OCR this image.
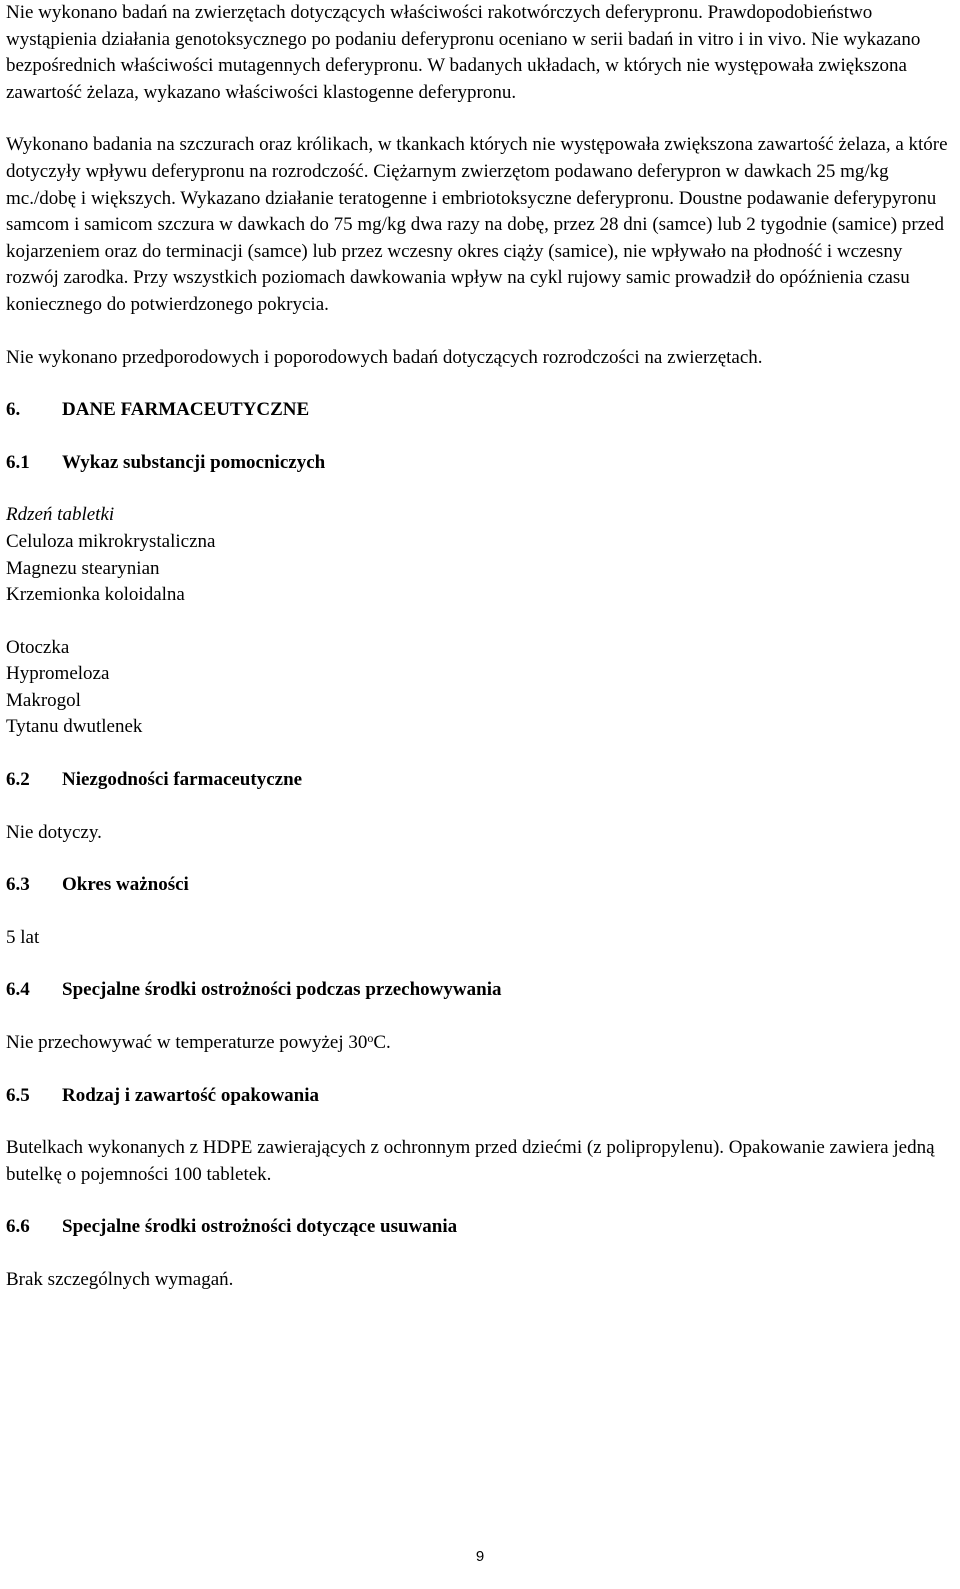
Nie wykonano badań na zwierzętach dotyczących właściwości rakotwórczych deferypronu. Prawdopodobieństwo wystąpienia działania genotoksycznego po podaniu deferypronu oceniano w serii badań in vitro i in vivo. Nie wykazano bezpośrednich właściwości mutagennych deferypronu. W badanych układach, w których nie występowała zwiększona zawartość żelaza, wykazano właściwości klastogenne deferypronu.

Wykonano badania na szczurach oraz królikach, w tkankach których nie występowała zwiększona zawartość żelaza, a które dotyczyły wpływu deferypronu na rozrodczość. Ciężarnym zwierzętom podawano deferypron w dawkach 25 mg/kg mc./dobę i większych. Wykazano działanie teratogenne i embriotoksyczne deferypronu. Doustne podawanie deferypyronu samcom i samicom szczura w dawkach do 75 mg/kg dwa razy na dobę, przez 28 dni (samce) lub 2 tygodnie (samice) przed kojarzeniem oraz do terminacji (samce) lub przez wczesny okres ciąży (samice), nie wpływało na płodność i wczesny rozwój zarodka. Przy wszystkich poziomach dawkowania wpływ na cykl rujowy samic prowadził do opóźnienia czasu koniecznego do potwierdzonego pokrycia.

Nie wykonano przedporodowych i poporodowych badań dotyczących rozrodczości na zwierzętach.

6. DANE FARMACEUTYCZNE
6.1 Wykaz substancji pomocniczych

Rdzeń tabletki

Celuloza mikrokrystaliczna
Magnezu stearynian
Krzemionka koloidalna

Otoczka

Hypromeloza
Makrogol
Tytanu dwutlenek
6.2 Niezgodności farmaceutyczne

Nie dotyczy.

6.3 Okres ważności

5 lat

6.4 Specjalne środki ostrożności podczas przechowywania

Nie przechowywać w temperaturze powyżej 30$^o$C.

6.5 Rodzaj i zawartość opakowania

Butelkach wykonanych z HDPE zawierających z ochronnym przed dziećmi (z polipropylenu). Opakowanie zawiera jedną butelkę o pojemności 100 tabletek.

6.6 Specjalne środki ostrożności dotyczące usuwania

Brak szczególnych wymagań.

9
